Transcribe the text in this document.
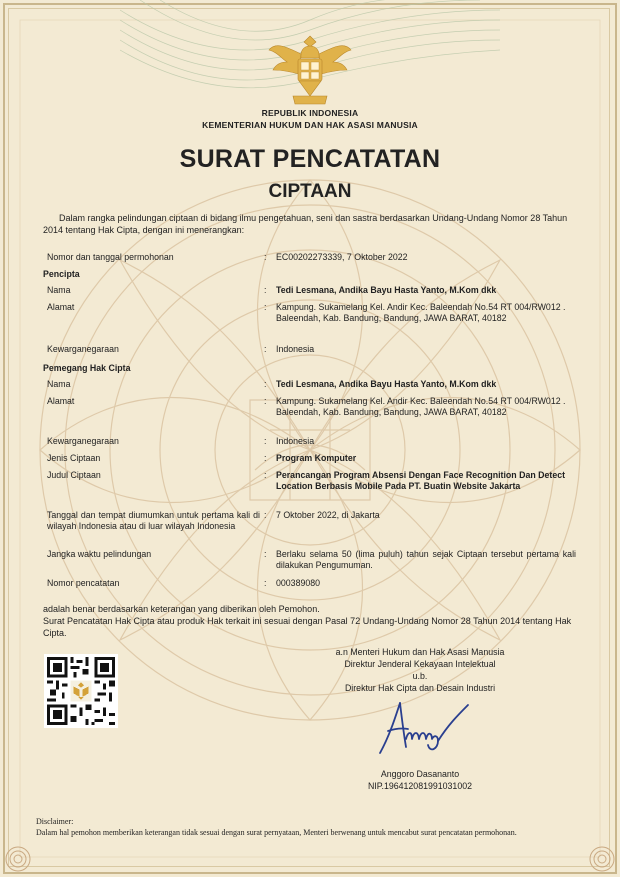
REPUBLIK INDONESIA
KEMENTERIAN HUKUM DAN HAK ASASI MANUSIA
SURAT PENCATATAN
CIPTAAN
Dalam rangka pelindungan ciptaan di bidang ilmu pengetahuan, seni dan sastra berdasarkan Undang-Undang Nomor 28 Tahun 2014 tentang Hak Cipta, dengan ini menerangkan:
Nomor dan tanggal permohonan	:	EC00202273339, 7 Oktober 2022
Pencipta
Nama	:	Tedi Lesmana, Andika Bayu Hasta Yanto, M.Kom dkk
Alamat	:	Kampung. Sukamelang Kel. Andir Kec. Baleendah No.54 RT 004/RW012 . Baleendah, Kab. Bandung, Bandung, JAWA BARAT, 40182
Kewarganegaraan	:	Indonesia
Pemegang Hak Cipta
Nama	:	Tedi Lesmana, Andika Bayu Hasta Yanto, M.Kom dkk
Alamat	:	Kampung. Sukamelang Kel. Andir Kec. Baleendah No.54 RT 004/RW012 . Baleendah, Kab. Bandung, Bandung, JAWA BARAT, 40182
Kewarganegaraan	:	Indonesia
Jenis Ciptaan	:	Program Komputer
Judul Ciptaan	:	Perancangan Program Absensi Dengan Face Recognition Dan Detect Location Berbasis Mobile Pada PT. Buatin Website Jakarta
Tanggal dan tempat diumumkan untuk pertama kali di wilayah Indonesia atau di luar wilayah Indonesia
:	7 Oktober 2022, di Jakarta
Jangka waktu pelindungan	:	Berlaku selama 50 (lima puluh) tahun sejak Ciptaan tersebut pertama kali dilakukan Pengumuman.
Nomor pencatatan	:	000389080
adalah benar berdasarkan keterangan yang diberikan oleh Pemohon.
Surat Pencatatan Hak Cipta atau produk Hak terkait ini sesuai dengan Pasal 72 Undang-Undang Nomor 28 Tahun 2014 tentang Hak Cipta.
a.n Menteri Hukum dan Hak Asasi Manusia
Direktur Jenderal Kekayaan Intelektual
u.b.
Direktur Hak Cipta dan Desain Industri
Anggoro Dasananto
NIP.196412081991031002
Disclaimer:
Dalam hal pemohon memberikan keterangan tidak sesuai dengan surat pernyataan, Menteri berwenang untuk mencabut surat pencatatan permohonan.
